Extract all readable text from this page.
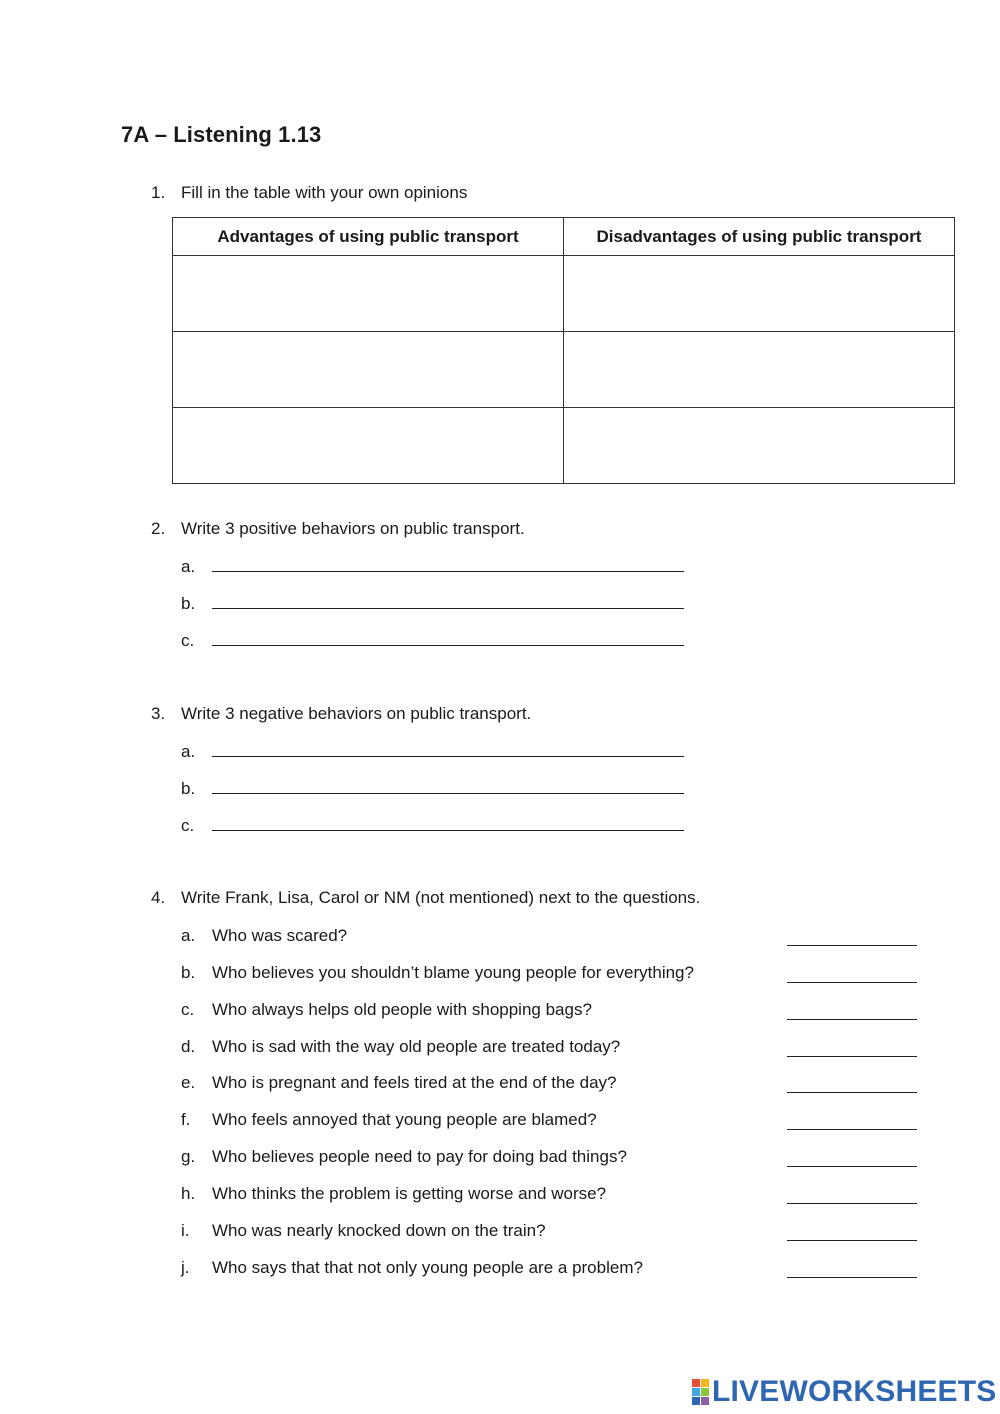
7A – Listening 1.13
1. Fill in the table with your own opinions
Advantages of using public transport	Disadvantages of using public transport

2. Write 3 positive behaviors on public transport.
a.
b.
c.
3. Write 3 negative behaviors on public transport.
a.
b.
c.
4. Write Frank, Lisa, Carol or NM (not mentioned) next to the questions.
a. Who was scared?
b. Who believes you shouldn’t blame young people for everything?
c.	Who always helps old people with shopping bags?
d. Who is sad with the way old people are treated today?
e. Who is pregnant and feels tired at the end of the day?
f.	Who feels annoyed that young people are blamed?
g. Who believes people need to pay for doing bad things?
h. Who thinks the problem is getting worse and worse?
i.	Who was nearly knocked down on the train?
j.	Who says that that not only young people are a problem?
LIVEWORKSHEETS
